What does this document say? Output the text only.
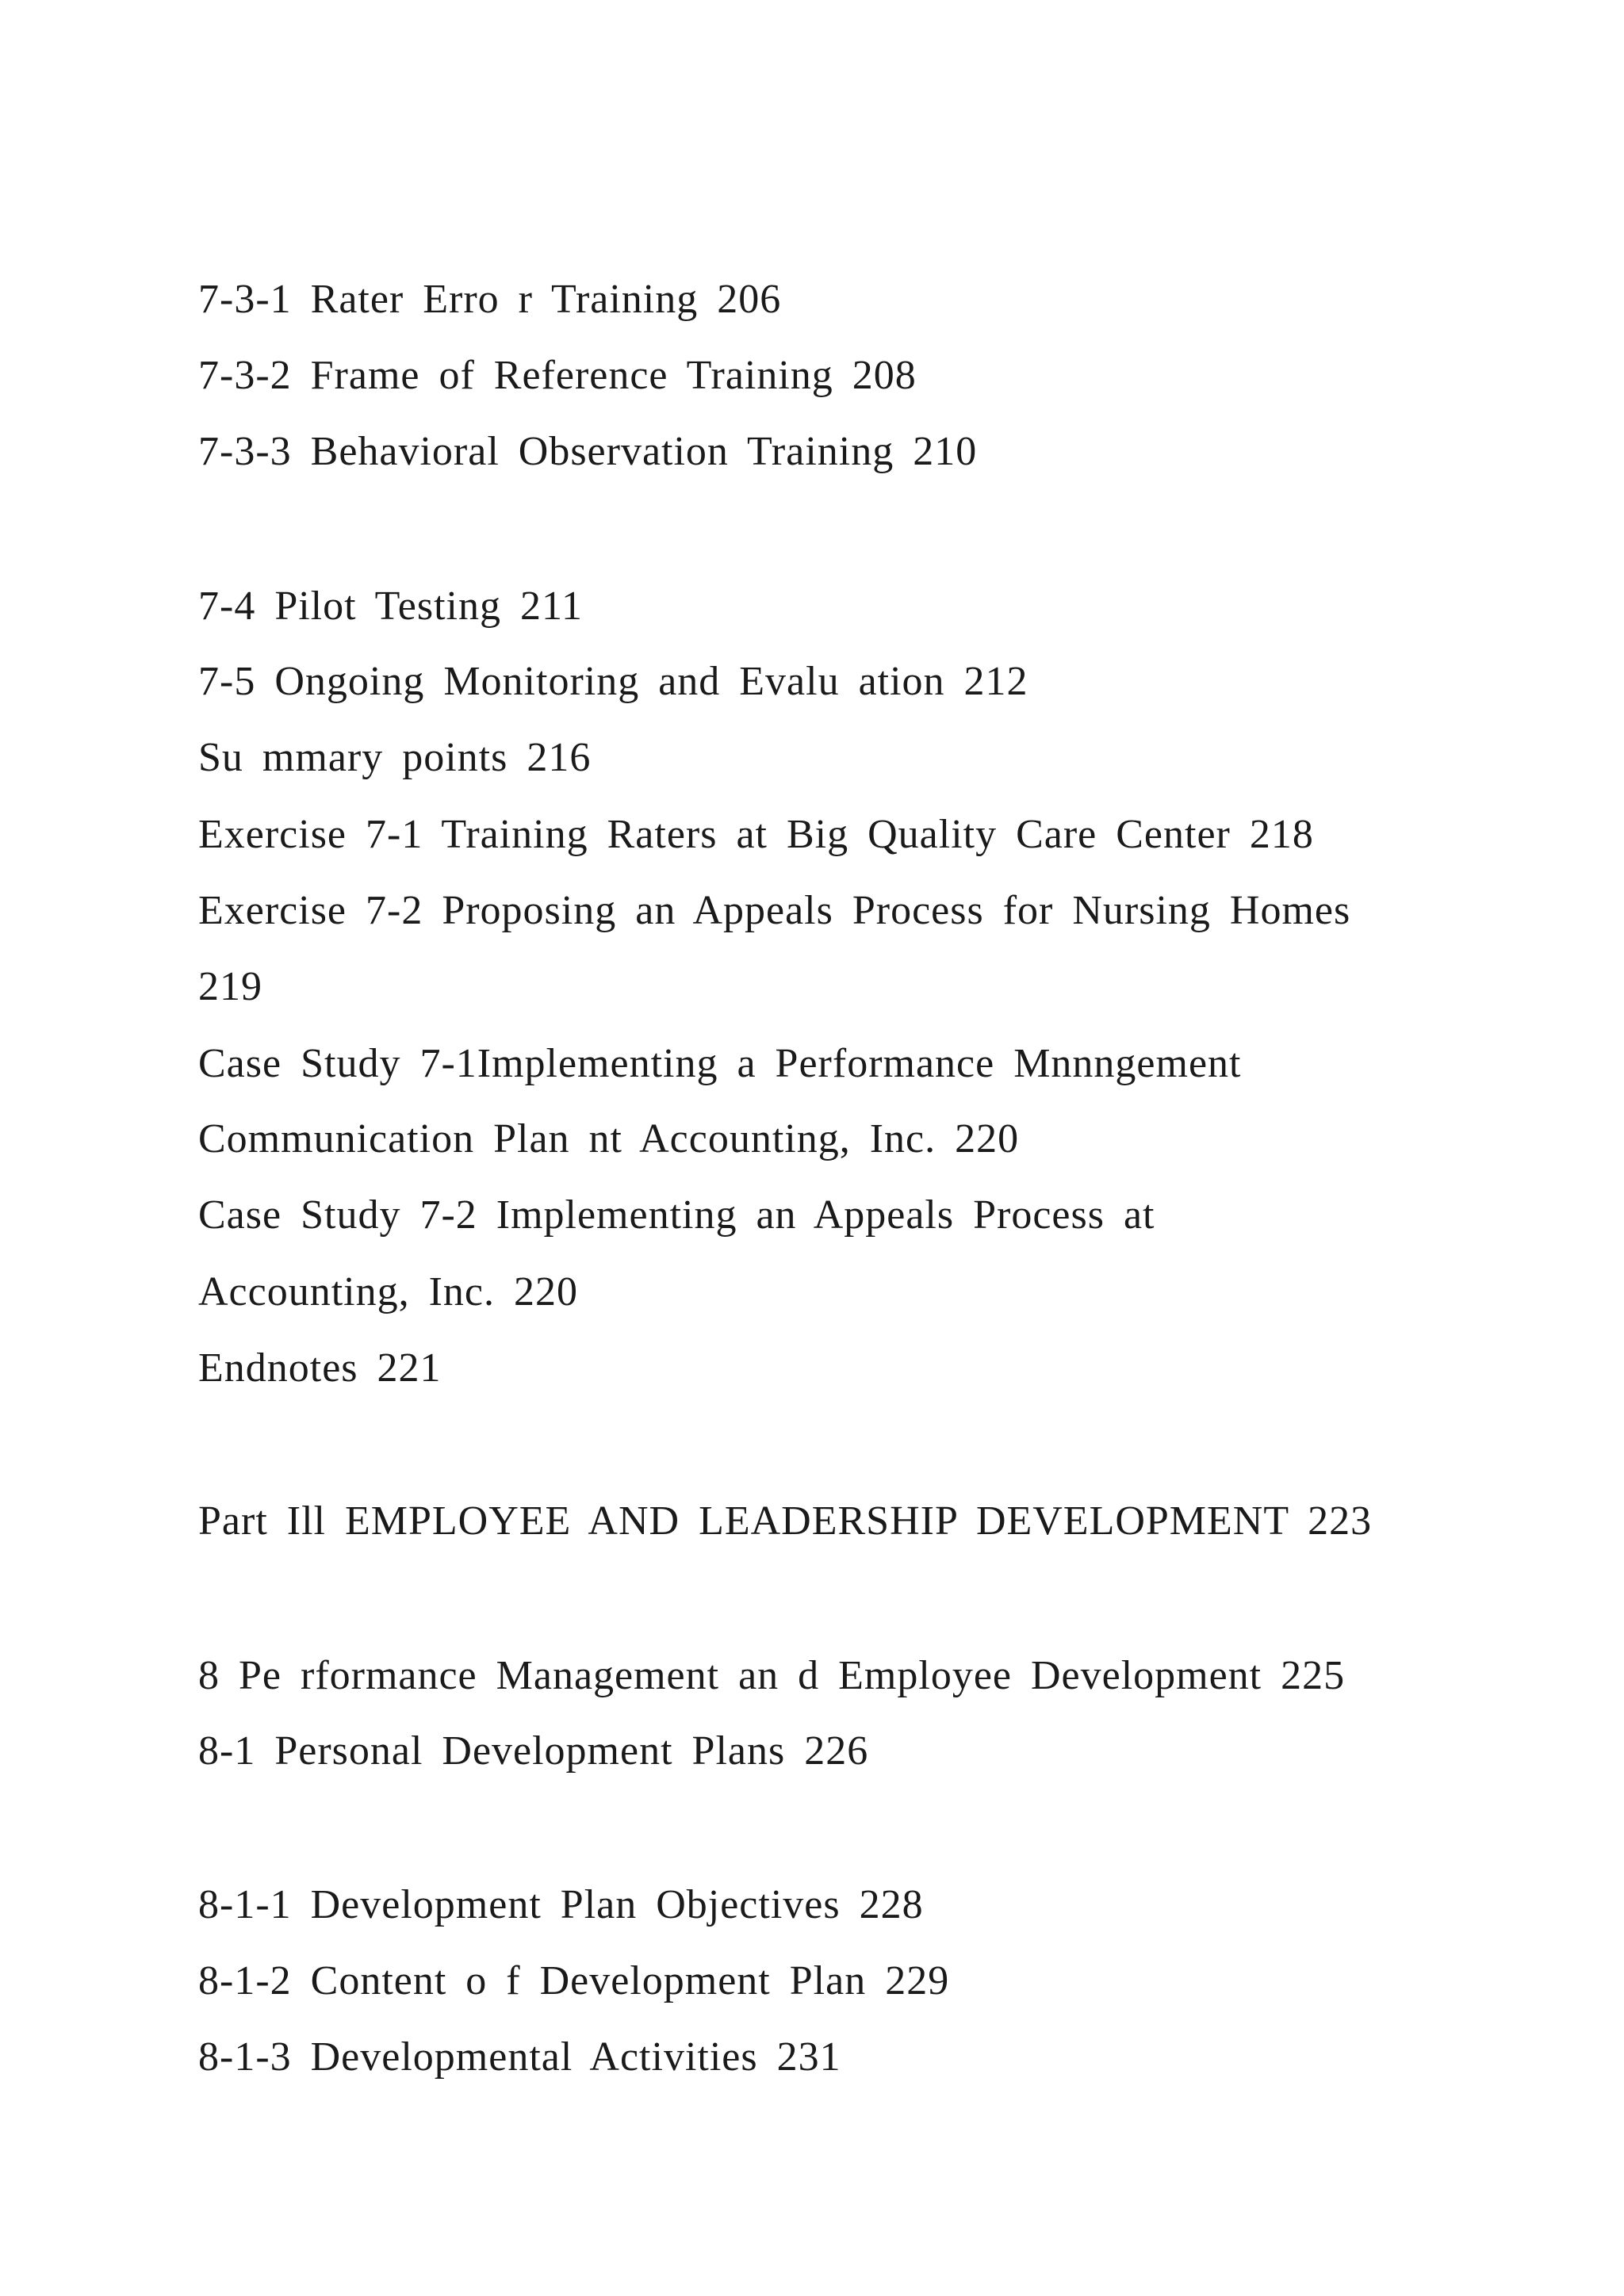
7-3-1 Rater Erro r Training 206

7-3-2 Frame of Reference Training 208

7-3-3 Behavioral Observation Training 210

7-4 Pilot Testing 211

7-5 Ongoing Monitoring and Evalu ation 212

Su mmary points 216

Exercise 7-1 Training Raters at Big Quality Care Center 218

Exercise 7-2 Proposing an Appeals Process for Nursing Homes

219

Case Study 7-1Implementing a Performance Mnnngement

Communication Plan nt Accounting, Inc. 220

Case Study 7-2 Implementing an Appeals Process at

Accounting, Inc. 220

Endnotes 221

Part Ill EMPLOYEE AND LEADERSHIP DEVELOPMENT 223

8 Pe rformance Management an d Employee Development 225

8-1 Personal Development Plans 226

8-1-1 Development Plan Objectives 228

8-1-2 Content o f Development Plan 229

8-1-3 Developmental Activities 231
